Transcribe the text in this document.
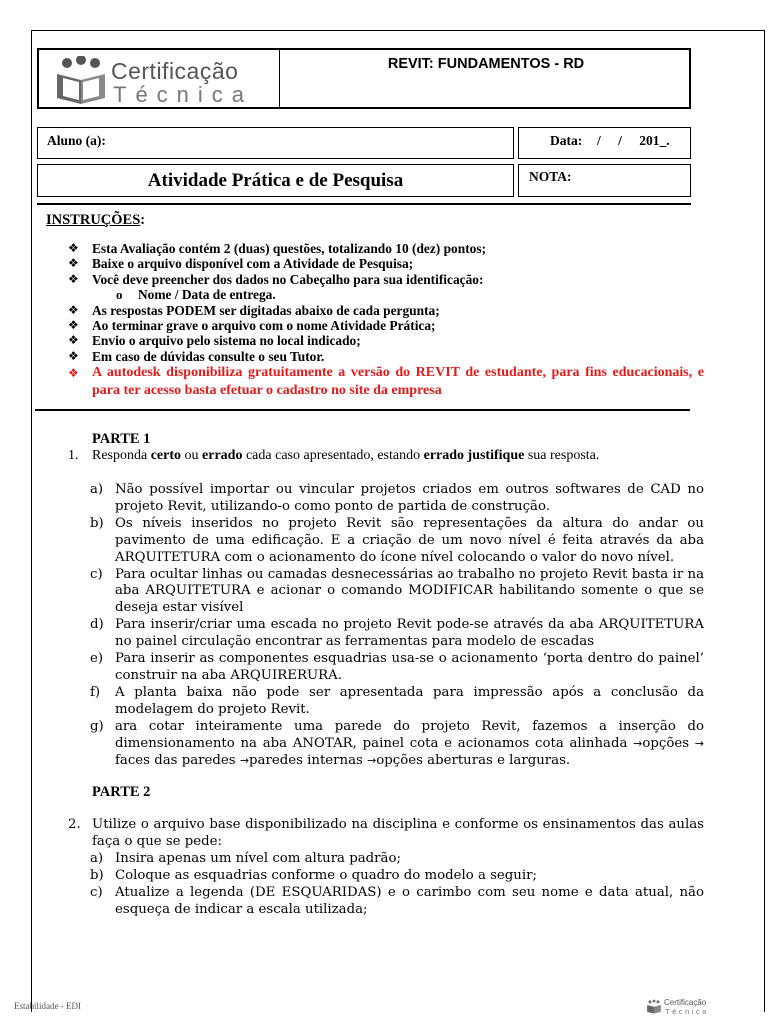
Certificação
Técnica
REVIT: FUNDAMENTOS - RD
Aluno (a):	Data: / / 201_.
Atividade Prática e de Pesquisa	NOTA:
INSTRUÇÕES:
❖ Esta Avaliação contém 2 (duas) questões, totalizando 10 (dez) pontos;
❖ Baixe o arquivo disponível com a Atividade de Pesquisa;
❖ Você deve preencher dos dados no Cabeçalho para sua identificação:
o Nome / Data de entrega.
❖ As respostas PODEM ser digitadas abaixo de cada pergunta;
❖ Ao terminar grave o arquivo com o nome Atividade Prática;
❖ Envio o arquivo pelo sistema no local indicado;
❖ Em caso de dúvidas consulte o seu Tutor.
❖ A autodesk disponibiliza gratuitamente a versão do REVIT de estudante, para fins educacionais, e para ter acesso basta efetuar o cadastro no site da empresa
PARTE 1
1. Responda certo ou errado cada caso apresentado, estando errado justifique sua resposta.
a) Não possível importar ou vincular projetos criados em outros softwares de CAD no projeto Revit, utilizando-o como ponto de partida de construção.
b) Os níveis inseridos no projeto Revit são representações da altura do andar ou pavimento de uma edificação. E a criação de um novo nível é feita através da aba ARQUITETURA com o acionamento do ícone nível colocando o valor do novo nível.
c) Para ocultar linhas ou camadas desnecessárias ao trabalho no projeto Revit basta ir na aba ARQUITETURA e acionar o comando MODIFICAR habilitando somente o que se deseja estar visível
d) Para inserir/criar uma escada no projeto Revit pode-se através da aba ARQUITETURA no painel circulação encontrar as ferramentas para modelo de escadas
e) Para inserir as componentes esquadrias usa-se o acionamento ‘porta dentro do painel’ construir na aba ARQUIRERURA.
f) A planta baixa não pode ser apresentada para impressão após a conclusão da modelagem do projeto Revit.
g) ara cotar inteiramente uma parede do projeto Revit, fazemos a inserção do dimensionamento na aba ANOTAR, painel cota e acionamos cota alinhada →opções → faces das paredes →paredes internas →opções aberturas e larguras.
PARTE 2
2. Utilize o arquivo base disponibilizado na disciplina e conforme os ensinamentos das aulas faça o que se pede:
a) Insira apenas um nível com altura padrão;
b) Coloque as esquadrias conforme o quadro do modelo a seguir;
c) Atualize a legenda (DE ESQUARIDAS) e o carimbo com seu nome e data atual, não esqueça de indicar a escala utilizada;
Estabilidade - EDI	Certificação
Técnica
